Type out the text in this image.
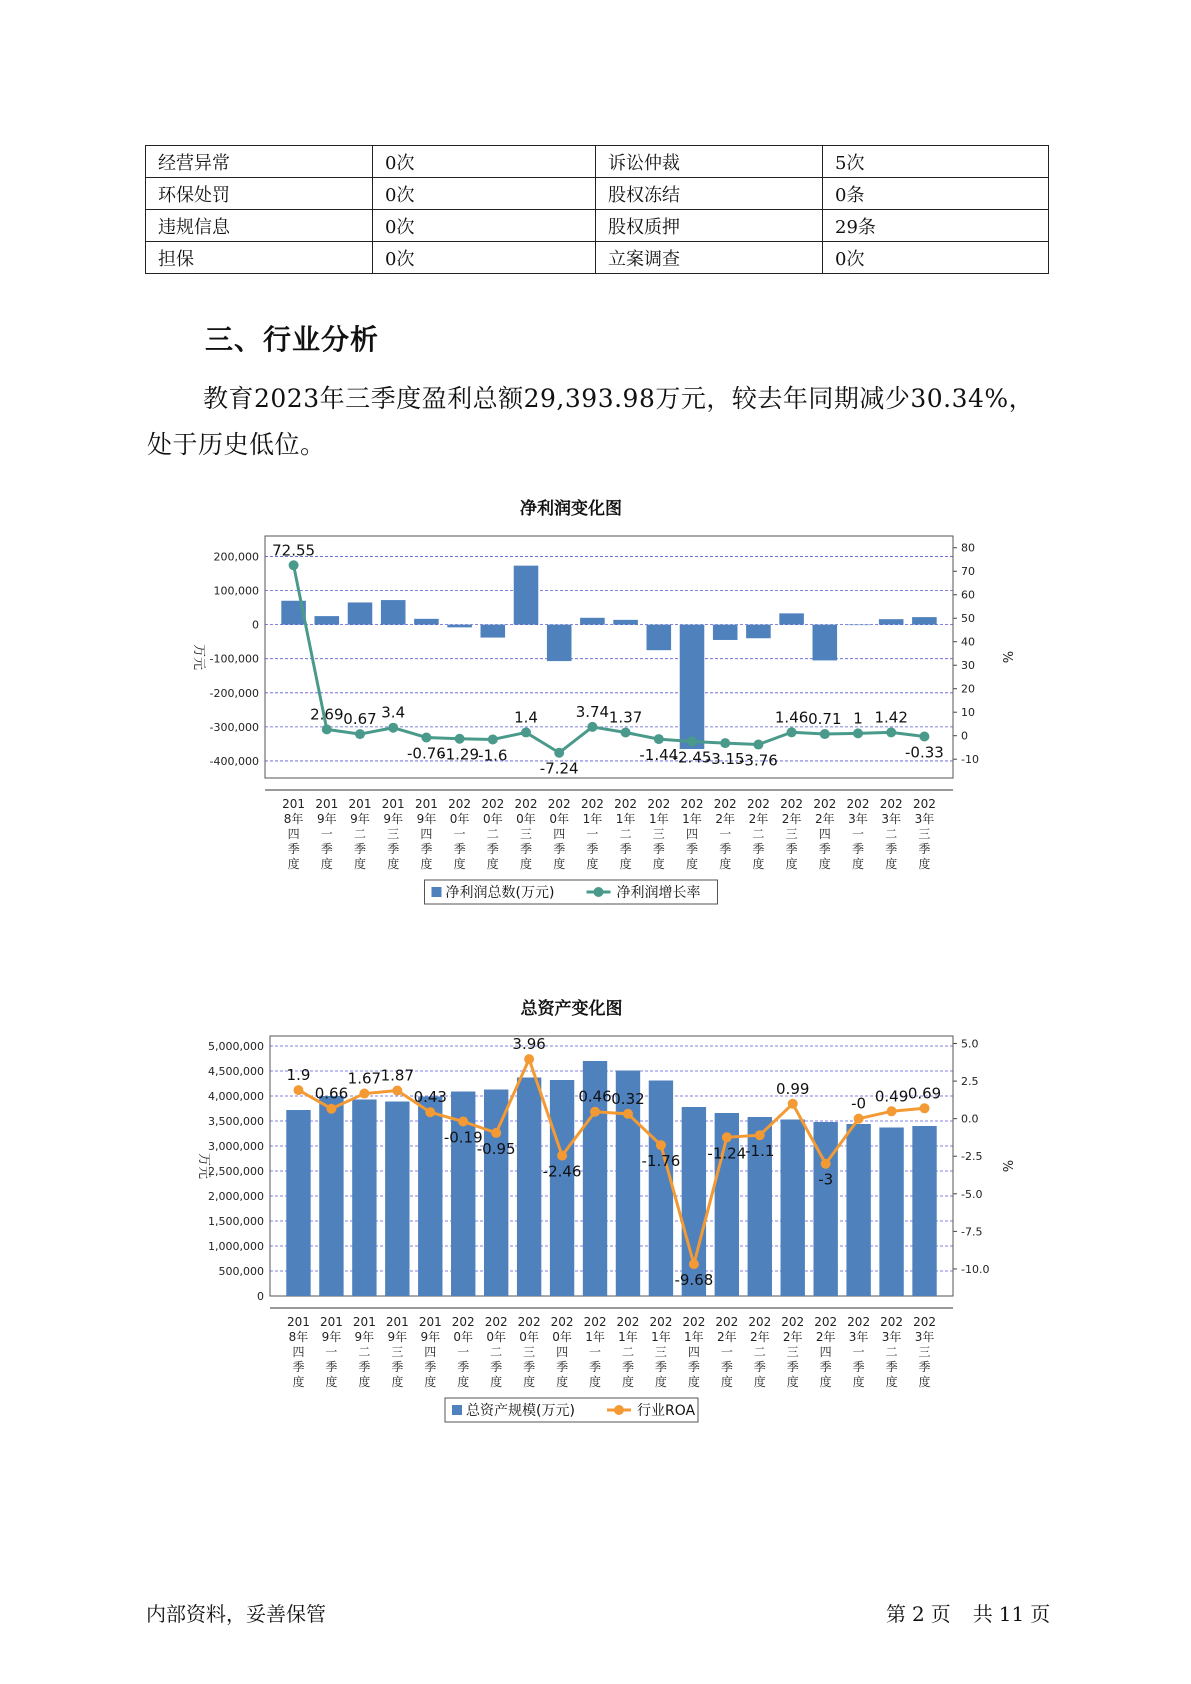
经营异常	0次	诉讼仲裁	5次
环保处罚	0次	股权冻结	0条
违规信息	0次	股权质押	29条
担保	0次	立案调查	0次
三、行业分析
教育2023年三季度盈利总额29,393.98万元，较去年同期减少30.34%，处于历史低位。
净利润变化图
200,000
100,000
0
-100,000
-200,000
-300,000
-400,000
80
70
60
50
40
30
20
10
0
-10
万元	%
72.55
2.69 0.67 3.4
-0.76
-1.29 -1.6
1.4
-7.24
3.74 1.37
-1.44
-2.45
-3.15
-3.76
1.46 0.71 1 1.42
-0.33
201 8年四季度
201 9年一季度
201 9年二季度
201 9年三季度
201 9年四季度
202 0年一季度
202 0年二季度
202 0年三季度
202 0年四季度
202 1年一季度
202 1年二季度
202 1年三季度
202 1年四季度
202 2年一季度
202 2年二季度
202 2年三季度
202 2年四季度
202 3年一季度
202 3年二季度
202 3年三季度
净利润总数(万元)	净利润增长率
总资产变化图
5,000,000
4,500,000
4,000,000
3,500,000
3,000,000
2,500,000
2,000,000
1,500,000
1,000,000
500,000
0
5.0
2.5
0.0
-2.5
-5.0
-7.5
-10.0
万元	%
1.9
0.66
1.67 1.87
0.43
-0.19
-0.95
3.96
-2.46
0.46 0.32
-1.76
-9.68
-1.24
-1.1
0.99
-3
-0 0.49 0.69
201 8年四季度
201 9年一季度
201 9年二季度
201 9年三季度
201 9年四季度
202 0年一季度
202 0年二季度
202 0年三季度
202 0年四季度
202 1年一季度
202 1年二季度
202 1年三季度
202 1年四季度
202 2年一季度
202 2年二季度
202 2年三季度
202 2年四季度
202 3年一季度
202 3年二季度
202 3年三季度
总资产规模(万元)	行业ROA
内部资料，妥善保管	第 2 页 共 11 页
